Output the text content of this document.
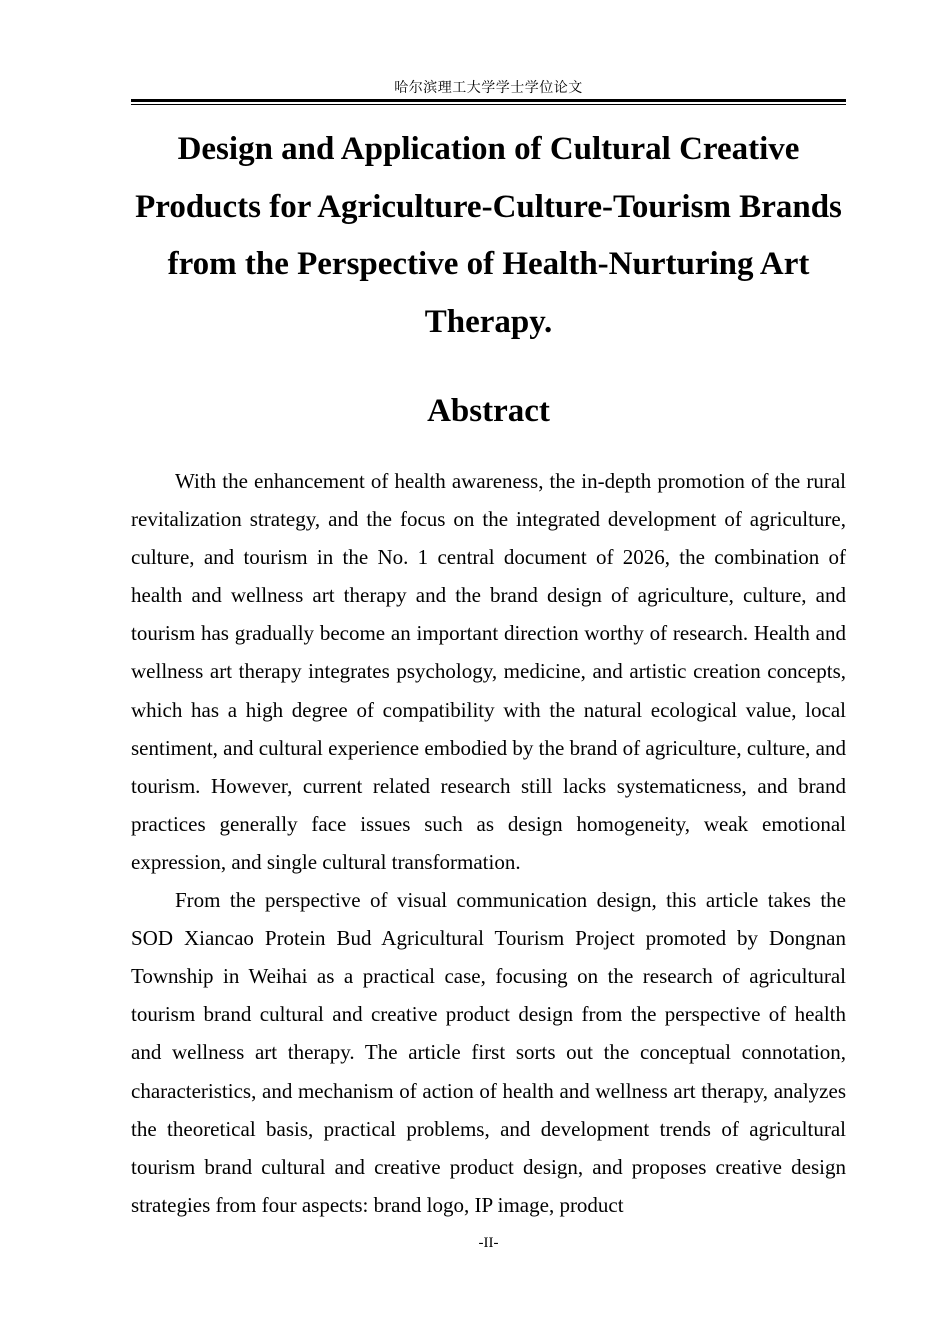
哈尔滨理工大学学士学位论文
Design and Application of Cultural Creative Products for Agriculture-Culture-Tourism Brands from the Perspective of Health-Nurturing Art Therapy.
Abstract

With the enhancement of health awareness, the in-depth promotion of the rural revitalization strategy, and the focus on the integrated development of agriculture, culture, and tourism in the No. 1 central document of 2026, the combination of health and wellness art therapy and the brand design of agriculture, culture, and tourism has gradually become an important direction worthy of research. Health and wellness art therapy integrates psychology, medicine, and artistic creation concepts, which has a high degree of compatibility with the natural ecological value, local sentiment, and cultural experience embodied by the brand of agriculture, culture, and tourism. However, current related research still lacks systematicness, and brand practices generally face issues such as design homogeneity, weak emotional expression, and single cultural transformation.

From the perspective of visual communication design, this article takes the SOD Xiancao Protein Bud Agricultural Tourism Project promoted by Dongnan Township in Weihai as a practical case, focusing on the research of agricultural tourism brand cultural and creative product design from the perspective of health and wellness art therapy. The article first sorts out the conceptual connotation, characteristics, and mechanism of action of health and wellness art therapy, analyzes the theoretical basis, practical problems, and development trends of agricultural tourism brand cultural and creative product design, and proposes creative design strategies from four aspects: brand logo, IP image, product

-II-
